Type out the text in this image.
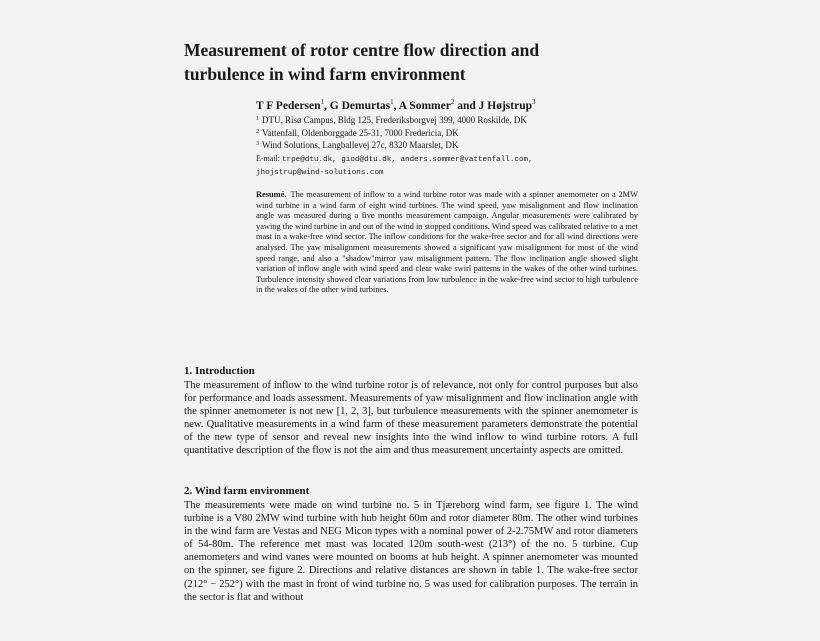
Measurement of rotor centre flow direction and
turbulence in wind farm environment
T F Pedersen$^1$, G Demurtas$^1$, A Sommer$^2$ and J Højstrup$^3$
$^1$ DTU, Risø Campus, Bldg 125, Frederiksborgvej 399, 4000 Roskilde, DK
$^2$ Vattenfall, Oldenborggade 25-31, 7000 Fredericia, DK
$^3$ Wind Solutions, Langballevej 27c, 8320 Maarslet, DK
E-mail: trpe@dtu.dk, giod@dtu.dk, anders.sommer@vattenfall.com,
jhojstrup@wind-solutions.com
Resumé. The measurement of inflow to a wind turbine rotor was made with a spinner anemometer on a 2MW wind turbine in a wind farm of eight wind turbines. The wind speed, yaw misalignment and flow inclination angle was measured during a five months measurement campaign. Angular measurements were calibrated by yawing the wind turbine in and out of the wind in stopped conditions. Wind speed was calibrated relative to a met mast in a wake-free wind sector. The inflow conditions for the wake-free sector and for all wind directions were analysed. The yaw misalignment measurements showed a significant yaw misalignment for most of the wind speed range, and also a "shadow"mirror yaw misalignment pattern. The flow inclination angle showed slight variation of inflow angle with wind speed and clear wake swirl patterns in the wakes of the other wind turbines. Turbulence intensity showed clear variations from low turbulence in the wake-free wind sector to high turbulence in the wakes of the other wind turbines.
1. Introduction
The measurement of inflow to the wind turbine rotor is of relevance, not only for control purposes but also for performance and loads assessment. Measurements of yaw misalignment and flow inclination angle with the spinner anemometer is not new [1, 2, 3], but turbulence measurements with the spinner anemometer is new. Qualitative measurements in a wind farm of these measurement parameters demonstrate the potential of the new type of sensor and reveal new insights into the wind inflow to wind turbine rotors. A full quantitative description of the flow is not the aim and thus measurement uncertainty aspects are omitted.
2. Wind farm environment
The measurements were made on wind turbine no. 5 in Tjæreborg wind farm, see figure 1. The wind turbine is a V80 2MW wind turbine with hub height 60m and rotor diameter 80m. The other wind turbines in the wind farm are Vestas and NEG Micon types with a nominal power of 2-2.75MW and rotor diameters of 54-80m. The reference met mast was located 120m south-west (213°) of the no. 5 turbine. Cup anemometers and wind vanes were mounted on booms at hub height. A spinner anemometer was mounted on the spinner, see figure 2. Directions and relative distances are shown in table 1. The wake-free sector (212° − 252°) with the mast in front of wind turbine no. 5 was used for calibration purposes. The terrain in the sector is flat and without
